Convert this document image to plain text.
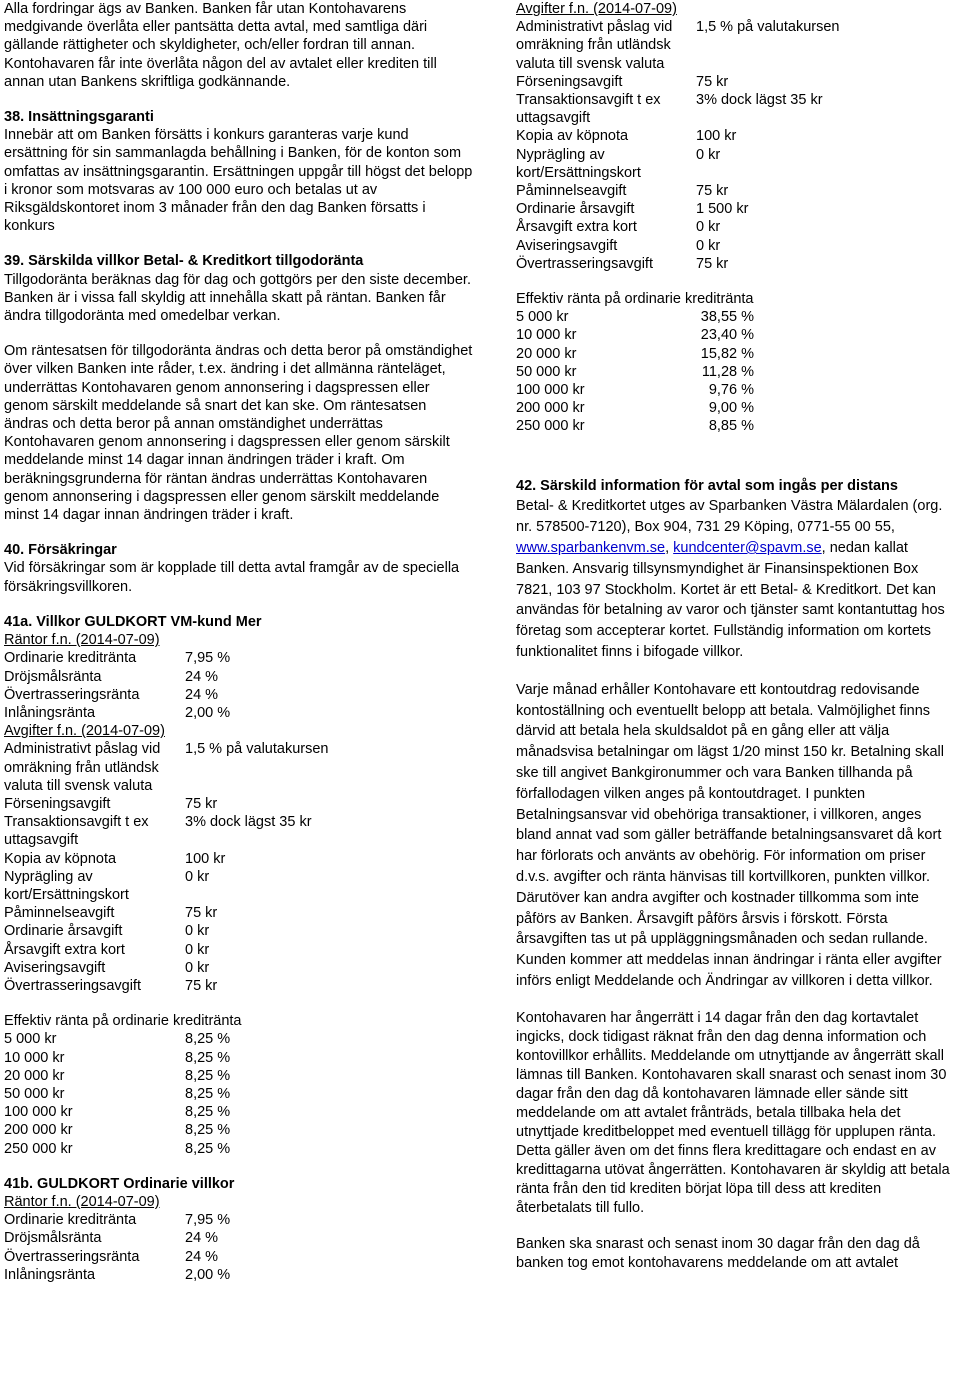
Alla fordringar ägs av Banken. Banken får utan Kontohavarens medgivande överlåta eller pantsätta detta avtal, med samtliga däri gällande rättigheter och skyldigheter, och/eller fordran till annan. Kontohavaren får inte överlåta någon del av avtalet eller krediten till annan utan Bankens skriftliga godkännande.

38. Insättningsgaranti

Innebär att om Banken försätts i konkurs garanteras varje kund ersättning för sin sammanlagda behållning i Banken, för de konton som omfattas av insättningsgarantin. Ersättningen uppgår till högst det belopp i kronor som motsvaras av 100 000 euro och betalas ut av Riksgäldskontoret inom 3 månader från den dag Banken försatts i konkurs

39. Särskilda villkor Betal- & Kreditkort tillgodoränta

Tillgodoränta beräknas dag för dag och gottgörs per den siste december. Banken är i vissa fall skyldig att innehålla skatt på räntan. Banken får ändra tillgodoränta med omedelbar verkan.

Om räntesatsen för tillgodoränta ändras och detta beror på omständighet över vilken Banken inte råder, t.ex. ändring i det allmänna ränteläget, underrättas Kontohavaren genom annonsering i dagspressen eller genom särskilt meddelande så snart det kan ske. Om räntesatsen ändras och detta beror på annan omständighet underrättas Kontohavaren genom annonsering i dagspressen eller genom särskilt meddelande minst 14 dagar innan ändringen träder i kraft. Om beräkningsgrunderna för räntan ändras underrättas Kontohavaren genom annonsering i dagspressen eller genom särskilt meddelande minst 14 dagar innan ändringen träder i kraft.

40. Försäkringar

Vid försäkringar som är kopplade till detta avtal framgår av de speciella försäkringsvillkoren.

41a. Villkor GULDKORT VM-kund Mer

Räntor f.n. (2014-07-09)

Ordinarie kreditränta	7,95 %
Dröjsmålsränta	24 %
Övertrasseringsränta	24 %
Inlåningsränta	2,00 %

Avgifter f.n. (2014-07-09)

Administrativt påslag vid omräkning från utländsk valuta till svensk valuta	1,5 % på valutakursen
Förseningsavgift	75 kr
Transaktionsavgift t ex uttagsavgift	3% dock lägst 35 kr
Kopia av köpnota	100 kr
Nyprägling av kort/Ersättningskort	0 kr
Påminnelseavgift	75 kr
Ordinarie årsavgift	0 kr
Årsavgift extra kort	0 kr
Aviseringsavgift	0 kr
Övertrasseringsavgift	75 kr

Effektiv ränta på ordinarie kreditränta

5 000 kr	8,25 %
10 000 kr	8,25 %
20 000 kr	8,25 %
50 000 kr	8,25 %
100 000 kr	8,25 %
200 000 kr	8,25 %
250 000 kr	8,25 %
41b. GULDKORT Ordinarie villkor

Räntor f.n. (2014-07-09)

Ordinarie kreditränta	7,95 %
Dröjsmålsränta	24 %
Övertrasseringsränta	24 %
Inlåningsränta	2,00 %

Avgifter f.n. (2014-07-09)

Administrativt påslag vid omräkning från utländsk valuta till svensk valuta	1,5 % på valutakursen
Förseningsavgift	75 kr
Transaktionsavgift t ex uttagsavgift	3% dock lägst 35 kr
Kopia av köpnota	100 kr
Nyprägling av kort/Ersättningskort	0 kr
Påminnelseavgift	75 kr
Ordinarie årsavgift	1 500 kr
Årsavgift extra kort	0 kr
Aviseringsavgift	0 kr
Övertrasseringsavgift	75 kr

Effektiv ränta på ordinarie kreditränta

5 000 kr	38,55 %
10 000 kr	23,40 %
20 000 kr	15,82 %
50 000 kr	11,28 %
100 000 kr	9,76 %
200 000 kr	9,00 %
250 000 kr	8,85 %
42. Särskild information för avtal som ingås per distans

Betal- & Kreditkortet utges av Sparbanken Västra Mälardalen (org. nr. 578500-7120), Box 904, 731 29 Köping, 0771-55 00 55, www.sparbankenvm.se, kundcenter@spavm.se, nedan kallat Banken. Ansvarig tillsynsmyndighet är Finansinspektionen Box 7821, 103 97 Stockholm. Kortet är ett Betal- & Kreditkort. Det kan användas för betalning av varor och tjänster samt kontantuttag hos företag som accepterar kortet. Fullständig information om kortets funktionalitet finns i bifogade villkor.

Varje månad erhåller Kontohavare ett kontoutdrag redovisande kontoställning och eventuellt belopp att betala. Valmöjlighet finns därvid att betala hela skuldsaldot på en gång eller att välja månadsvisa betalningar om lägst 1/20 minst 150 kr. Betalning skall ske till angivet Bankgironummer och vara Banken tillhanda på förfallodagen vilken anges på kontoutdraget. I punkten Betalningsansvar vid obehöriga transaktioner, i villkoren, anges bland annat vad som gäller beträffande betalningsansvaret då kort har förlorats och använts av obehörig. För information om priser d.v.s. avgifter och ränta hänvisas till kortvillkoren, punkten villkor. Därutöver kan andra avgifter och kostnader tillkomma som inte påförs av Banken. Årsavgift påförs årsvis i förskott. Första årsavgiften tas ut på uppläggningsmånaden och sedan rullande. Kunden kommer att meddelas innan ändringar i ränta eller avgifter införs enligt Meddelande och Ändringar av villkoren i detta villkor.

Kontohavaren har ångerrätt i 14 dagar från den dag kortavtalet ingicks, dock tidigast räknat från den dag denna information och kontovillkor erhållits. Meddelande om utnyttjande av ångerrätt skall lämnas till Banken. Kontohavaren skall snarast och senast inom 30 dagar från den dag då kontohavaren lämnade eller sände sitt meddelande om att avtalet frånträds, betala tillbaka hela det utnyttjade kreditbeloppet med eventuell tillägg för upplupen ränta. Detta gäller även om det finns flera kredittagare och endast en av kredittagarna utövat ångerrätten. Kontohavaren är skyldig att betala ränta från den tid krediten börjat löpa till dess att krediten återbetalats till fullo.

Banken ska snarast och senast inom 30 dagar från den dag då banken tog emot kontohavarens meddelande om att avtalet
